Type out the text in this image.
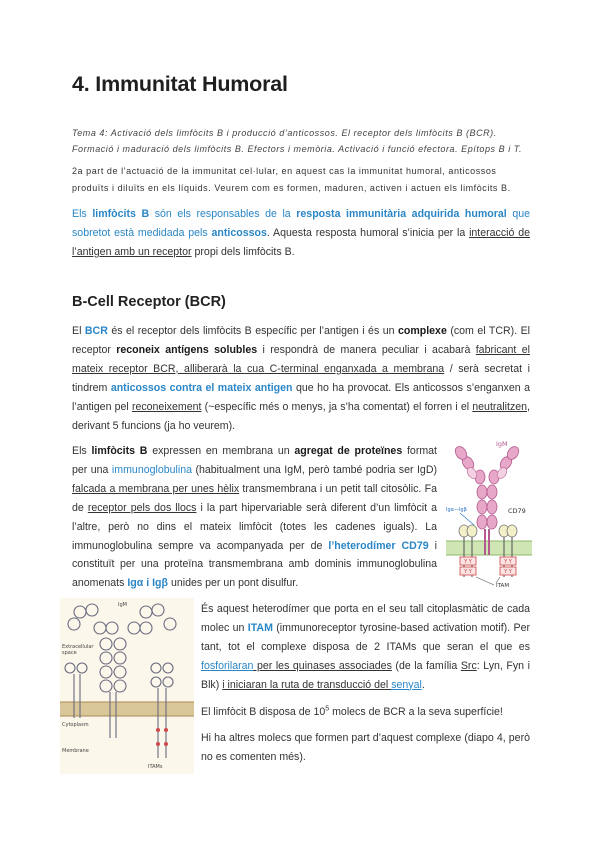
4. Immunitat Humoral
Tema 4: Activació dels limfòcits B i producció d’anticossos. El receptor dels limfòcits B (BCR).
Formació i maduració dels limfòcits B. Efectors i memòria. Activació i funció efectora. Epítops B i T.
2a part de l’actuació de la immunitat cel·lular, en aquest cas la immunitat humoral, anticossos
produïts i diluïts en els líquids. Veurem com es formen, maduren, activen i actuen els limfòcits B.
Els limfòcits B són els responsables de la resposta immunitària adquirida humoral que sobretot està medidada pels anticossos. Aquesta resposta humoral s’inicia per la interacció de l’antigen amb un receptor propi dels limfòcits B.
B-Cell Receptor (BCR)
El BCR és el receptor dels limfòcits B específic per l’antigen i és un complexe (com el TCR). El receptor reconeix antígens solubles i respondrà de manera peculiar i acabarà fabricant el mateix receptor BCR, alliberarà la cua C-terminal enganxada a membrana / serà secretat i tindrem anticossos contra el mateix antigen que ho ha provocat. Els anticossos s’enganxen a l’antigen pel reconeixement (~específic més o menys, ja s’ha comentat) el forren i el neutralitzen, derivant 5 funcions (ja ho veurem).
Els limfòcits B expressen en membrana un agregat de proteïnes format per una immunoglobulina (habitualment una IgM, però també podria ser IgD) falcada a membrana per unes hèlix transmembrana i un petit tall citosòlic. Fa de receptor pels dos llocs i la part hipervariable serà diferent d’un limfòcit a l’altre, però no dins el mateix limfòcit (totes les cadenes iguals). La immunoglobulina sempre va acompanyada per de l’heterodímer CD79 i constituït per una proteïna transmembrana amb dominis immunoglobulina anomenats Igα i Igβ unides per un pont disulfur.
Y Y	Y Y
Y Y	Y Y
IgM
Igα—Igβ	CD79
ITAM
IgM
Extracellular
space
Cytoplasm
Membrane
ITAMs
És aquest heterodímer que porta en el seu tall citoplasmàtic de cada molec un ITAM (immunoreceptor tyrosine-based activation motif). Per tant, tot el complexe disposa de 2 ITAMs que seran el que es fosforilaran per les quinases associades (de la família Src: Lyn, Fyn i Blk) i iniciaran la ruta de transducció del senyal.
El limfòcit B disposa de $10^5$ molecs de BCR a la seva superfície!
Hi ha altres molecs que formen part d’aquest complexe (diapo 4, però no es comenten més).
